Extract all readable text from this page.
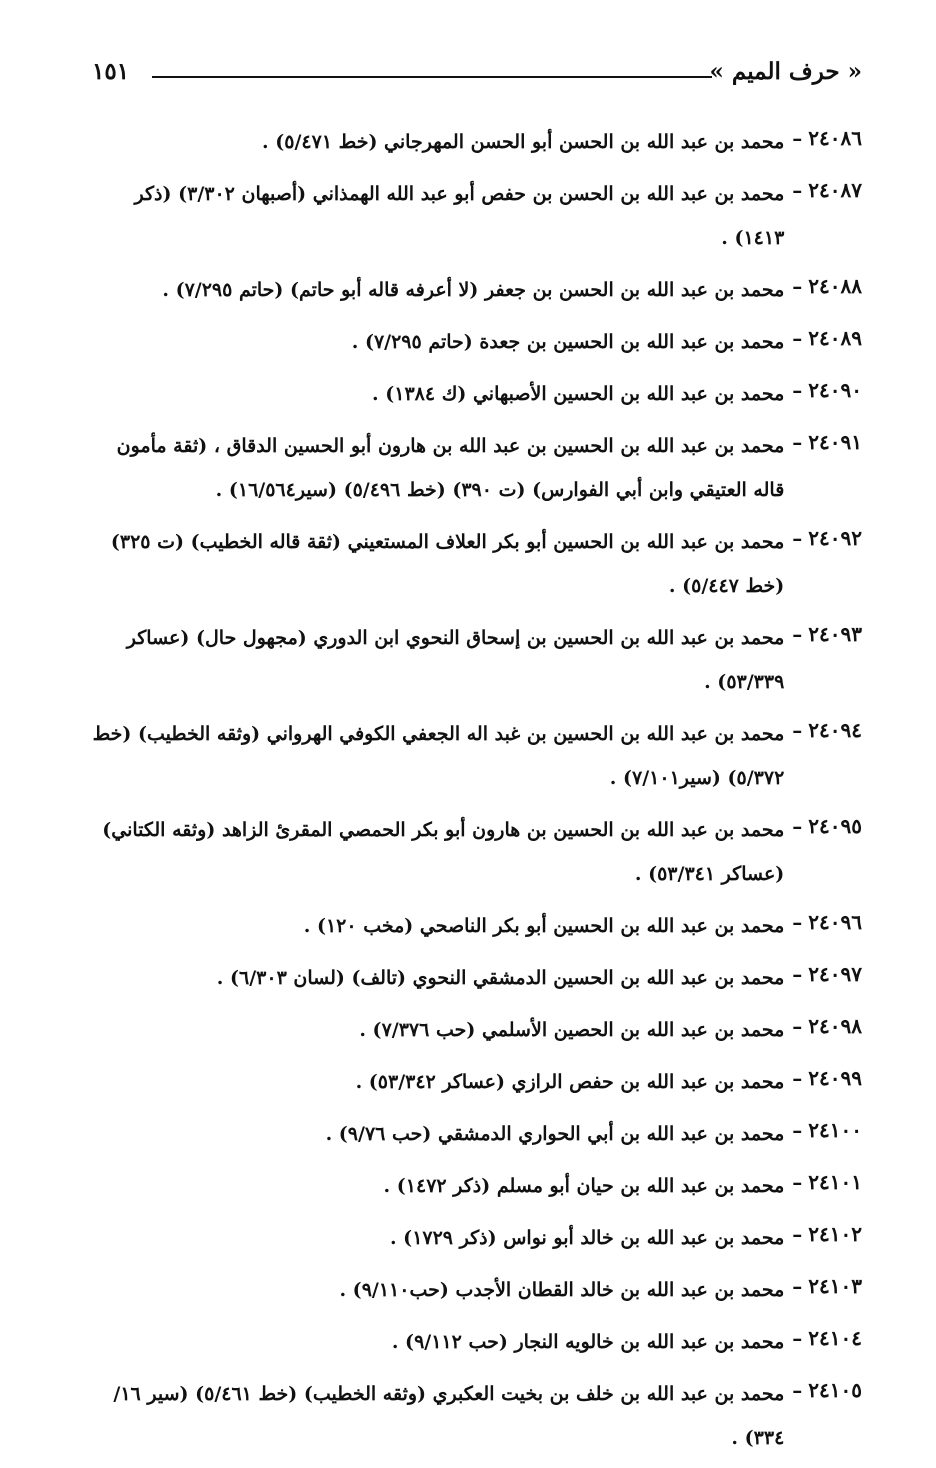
« حرف الميم »
١٥١
٢٤٠٨٦
–
محمد بن عبد الله بن الحسن أبو الحسن المهرجاني (خط ٥/٤٧١) .
٢٤٠٨٧
–
محمد بن عبد الله بن الحسن بن حفص أبو عبد الله الهمذاني (أصبهان ٣/٣٠٢) (ذكر ١٤١٣) .
٢٤٠٨٨
–
محمد بن عبد الله بن الحسن بن جعفر (لا أعرفه قاله أبو حاتم) (حاتم ٧/٢٩٥) .
٢٤٠٨٩
–
محمد بن عبد الله بن الحسين بن جعدة (حاتم ٧/٢٩٥) .
٢٤٠٩٠
–
محمد بن عبد الله بن الحسين الأصبهاني (ك ١٣٨٤) .
٢٤٠٩١
–
محمد بن عبد الله بن الحسين بن عبد الله بن هارون أبو الحسين الدقاق ، (ثقة مأمون قاله العتيقي وابن أبي الفوارس) (ت ٣٩٠) (خط ٥/٤٩٦) (سير١٦/٥٦٤) .
٢٤٠٩٢
–
محمد بن عبد الله بن الحسين أبو بكر العلاف المستعيني (ثقة قاله الخطيب) (ت ٣٢٥) (خط ٥/٤٤٧) .
٢٤٠٩٣
–
محمد بن عبد الله بن الحسين بن إسحاق النحوي ابن الدوري (مجهول حال) (عساكر ٥٣/٣٣٩) .
٢٤٠٩٤
–
محمد بن عبد الله بن الحسين بن غبد اله الجعفي الكوفي الهرواني (وثقه الخطيب) (خط ٥/٣٧٢) (سير٧/١٠١) .
٢٤٠٩٥
–
محمد بن عبد الله بن الحسين بن هارون أبو بكر الحمصي المقرئ الزاهد (وثقه الكتاني) (عساكر ٥٣/٣٤١) .
٢٤٠٩٦
–
محمد بن عبد الله بن الحسين أبو بكر الناصحي (مخب ١٢٠) .
٢٤٠٩٧
–
محمد بن عبد الله بن الحسين الدمشقي النحوي (تالف) (لسان ٦/٣٠٣) .
٢٤٠٩٨
–
محمد بن عبد الله بن الحصين الأسلمي (حب ٧/٣٧٦) .
٢٤٠٩٩
–
محمد بن عبد الله بن حفص الرازي (عساكر ٥٣/٣٤٢) .
٢٤١٠٠
–
محمد بن عبد الله بن أبي الحواري الدمشقي (حب ٩/٧٦) .
٢٤١٠١
–
محمد بن عبد الله بن حيان أبو مسلم (ذكر ١٤٧٢) .
٢٤١٠٢
–
محمد بن عبد الله بن خالد أبو نواس (ذكر ١٧٢٩) .
٢٤١٠٣
–
محمد بن عبد الله بن خالد القطان الأجدب (حب٩/١١٠) .
٢٤١٠٤
–
محمد بن عبد الله بن خالويه النجار (حب ٩/١١٢) .
٢٤١٠٥
–
محمد بن عبد الله بن خلف بن بخيت العكبري (وثقه الخطيب) (خط ٥/٤٦١) (سير ١٦/ ٣٣٤) .
